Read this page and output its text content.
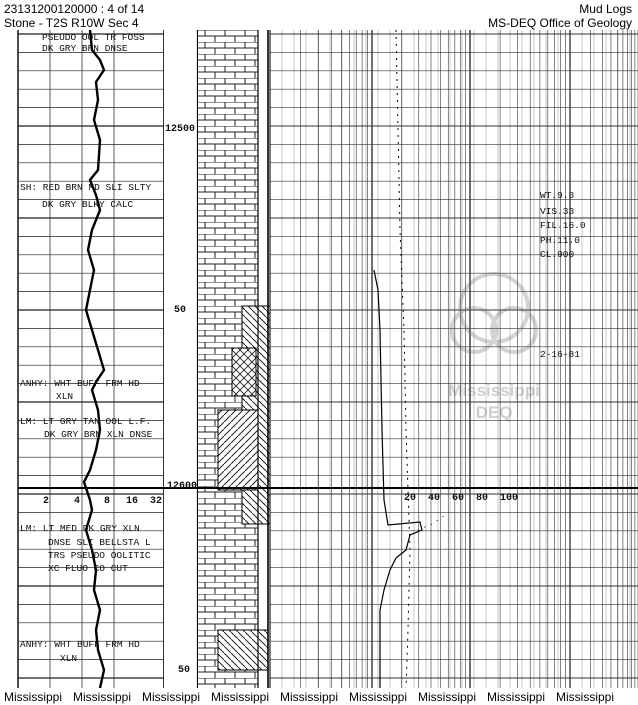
23131200120000 : 4 of 14
Stone - T2S R10W Sec 4
Mud Logs
MS-DEQ Office of Geology
12500
50
12600
50
2 4 8 16 32	20 40 60 80 100
PSEUDO OOL TR FOSS
DK GRY BRN DNSE
SH: RED BRN MD SLI SLTY
DK GRY BLKY CALC
ANHY: WHT BUFF FRM HD
XLN
LM: LT GRY TAN OOL L.F.
DK GRY BRN XLN DNSE
LM: LT MED DK GRY XLN
DNSE SLI BELLSTA L
TRS PSEUDO OOLITIC
XC FLUO CO CUT
ANHY: WHT BUFF FRM HD
XLN
WT.9.3
VIS.33
FIL.16.0
PH.11.0
CL.900
2-16-81
Mississippi
DEQ
Mississippi Mississippi Mississippi Mississippi Mississippi Mississippi Mississippi Mississippi Mississippi
